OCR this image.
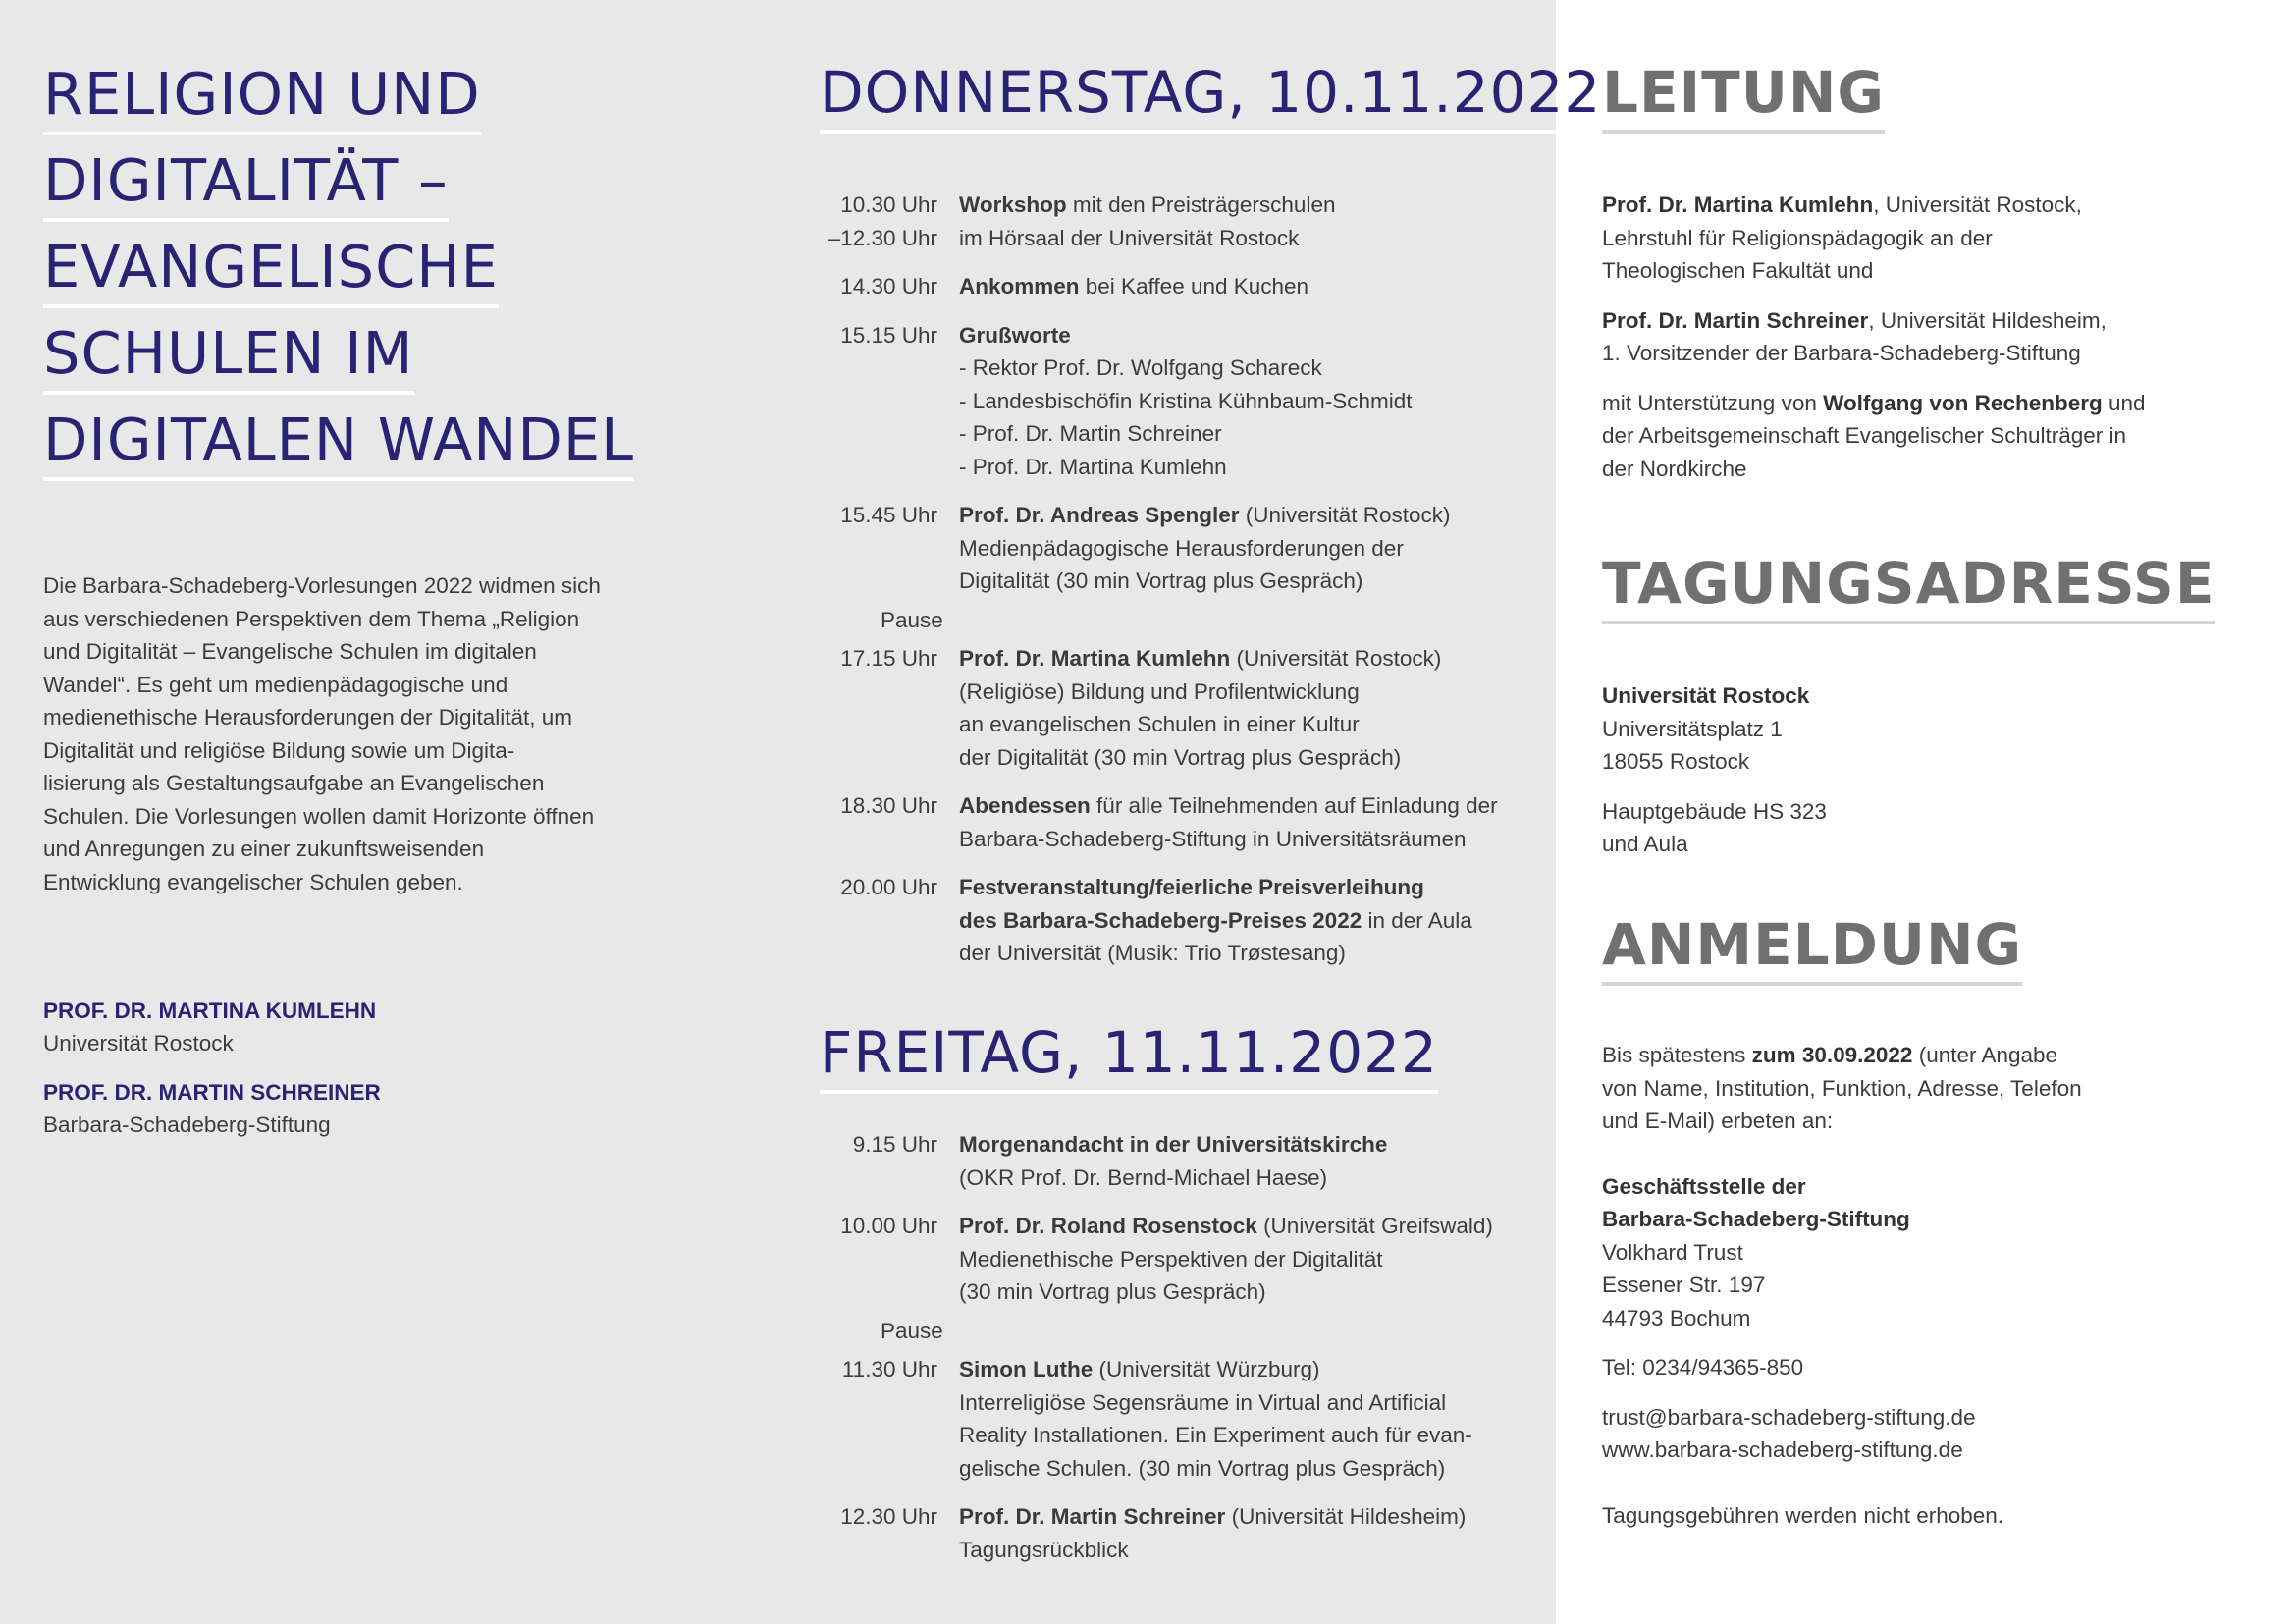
RELIGION UND
DIGITALITÄT –
EVANGELISCHE
SCHULEN IM
DIGITALEN WANDEL

Die Barbara-Schadeberg-Vorlesungen 2022 widmen sich aus verschiedenen Perspektiven dem Thema „Religion und Digitalität – Evangelische Schulen im digitalen Wandel“. Es geht um medienpädagogische und medienethische Herausforderungen der Digitalität, um Digitalität und religiöse Bildung sowie um Digita- lisierung als Gestaltungsaufgabe an Evangelischen Schulen. Die Vorlesungen wollen damit Horizonte öffnen und Anregungen zu einer zukunftsweisenden Entwicklung evangelischer Schulen geben.

PROF. DR. MARTINA KUMLEHN

Universität Rostock

PROF. DR. MARTIN SCHREINER

Barbara-Schadeberg-Stiftung

DONNERSTAG, 10.11.2022
10.30 Uhr
–12.30 Uhr
Workshop mit den Preisträgerschulen
im Hörsaal der Universität Rostock
14.30 Uhr Ankommen bei Kaffee und Kuchen
15.15 Uhr Grußworte
- Rektor Prof. Dr. Wolfgang Schareck
- Landesbischöfin Kristina Kühnbaum-Schmidt
- Prof. Dr. Martin Schreiner
- Prof. Dr. Martina Kumlehn
15.45 Uhr Prof. Dr. Andreas Spengler (Universität Rostock)
Medienpädagogische Herausforderungen der
Digitalität (30 min Vortrag plus Gespräch)
Pause
17.15 Uhr Prof. Dr. Martina Kumlehn (Universität Rostock)
(Religiöse) Bildung und Profilentwicklung
an evangelischen Schulen in einer Kultur
der Digitalität (30 min Vortrag plus Gespräch)
18.30 Uhr Abendessen für alle Teilnehmenden auf Einladung der
Barbara-Schadeberg-Stiftung in Universitätsräumen
20.00 Uhr Festveranstaltung/feierliche Preisverleihung
des Barbara-Schadeberg-Preises 2022 in der Aula
der Universität (Musik: Trio Trøstesang)
FREITAG, 11.11.2022
9.15 Uhr Morgenandacht in der Universitätskirche
(OKR Prof. Dr. Bernd-Michael Haese)
10.00 Uhr Prof. Dr. Roland Rosenstock (Universität Greifswald)
Medienethische Perspektiven der Digitalität
(30 min Vortrag plus Gespräch)
Pause
11.30 Uhr Simon Luthe (Universität Würzburg)
Interreligiöse Segensräume in Virtual and Artificial
Reality Installationen. Ein Experiment auch für evan-
gelische Schulen. (30 min Vortrag plus Gespräch)
12.30 Uhr Prof. Dr. Martin Schreiner (Universität Hildesheim)
Tagungsrückblick
LEITUNG

Prof. Dr. Martina Kumlehn, Universität Rostock,
Lehrstuhl für Religionspädagogik an der
Theologischen Fakultät und

Prof. Dr. Martin Schreiner, Universität Hildesheim,
1. Vorsitzender der Barbara-Schadeberg-Stiftung

mit Unterstützung von Wolfgang von Rechenberg und
der Arbeitsgemeinschaft Evangelischer Schulträger in
der Nordkirche

TAGUNGSADRESSE

Universität Rostock

Universitätsplatz 1
18055 Rostock

Hauptgebäude HS 323
und Aula

ANMELDUNG

Bis spätestens zum 30.09.2022 (unter Angabe
von Name, Institution, Funktion, Adresse, Telefon
und E-Mail) erbeten an:

Geschäftsstelle der
Barbara-Schadeberg-Stiftung
Volkhard Trust
Essener Str. 197
44793 Bochum

Tel: 0234/94365-850

trust@barbara-schadeberg-stiftung.de
www.barbara-schadeberg-stiftung.de

Tagungsgebühren werden nicht erhoben.
